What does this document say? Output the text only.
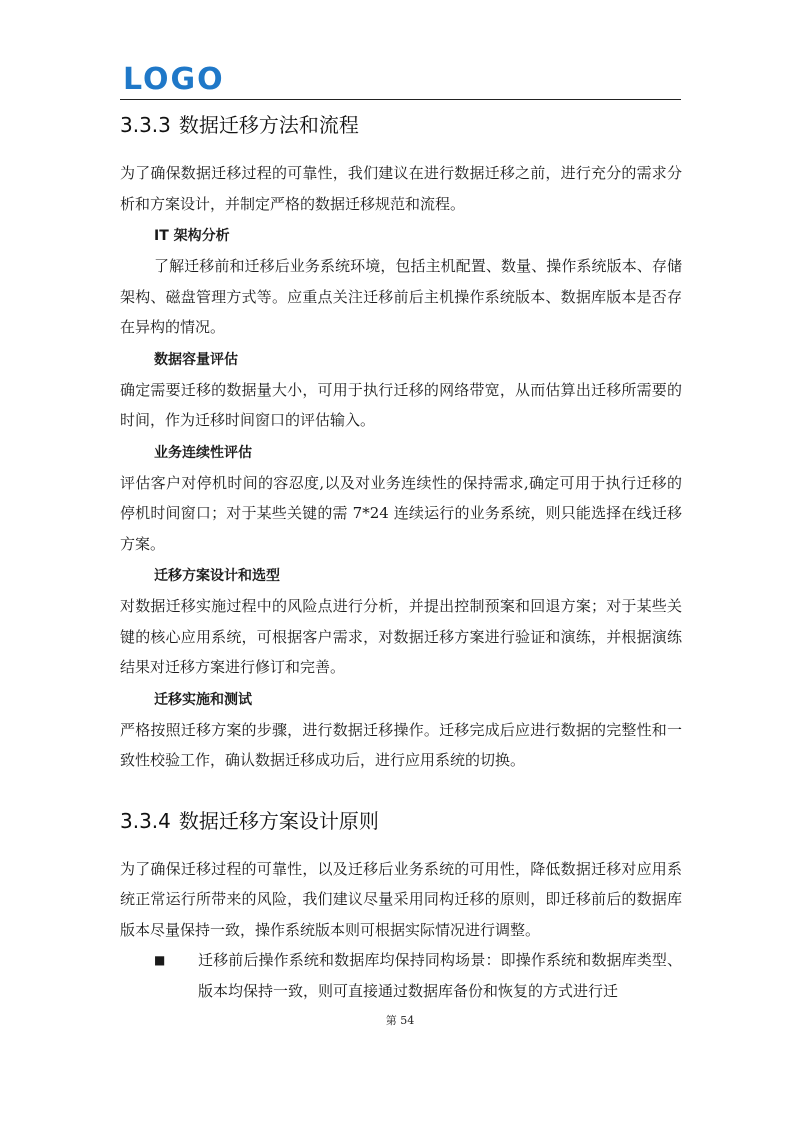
LOGO
3.3.3 数据迁移方法和流程

为了确保数据迁移过程的可靠性，我们建议在进行数据迁移之前，进行充分的需求分析和方案设计，并制定严格的数据迁移规范和流程。

IT 架构分析

了解迁移前和迁移后业务系统环境，包括主机配置、数量、操作系统版本、存储架构、磁盘管理方式等。应重点关注迁移前后主机操作系统版本、数据库版本是否存在异构的情况。

数据容量评估

确定需要迁移的数据量大小，可用于执行迁移的网络带宽，从而估算出迁移所需要的时间，作为迁移时间窗口的评估输入。

业务连续性评估

评估客户对停机时间的容忍度,以及对业务连续性的保持需求,确定可用于执行迁移的停机时间窗口；对于某些关键的需 7*24 连续运行的业务系统，则只能选择在线迁移方案。

迁移方案设计和选型

对数据迁移实施过程中的风险点进行分析，并提出控制预案和回退方案；对于某些关键的核心应用系统，可根据客户需求，对数据迁移方案进行验证和演练，并根据演练结果对迁移方案进行修订和完善。

迁移实施和测试

严格按照迁移方案的步骤，进行数据迁移操作。迁移完成后应进行数据的完整性和一致性校验工作，确认数据迁移成功后，进行应用系统的切换。

3.3.4 数据迁移方案设计原则

为了确保迁移过程的可靠性，以及迁移后业务系统的可用性，降低数据迁移对应用系统正常运行所带来的风险，我们建议尽量采用同构迁移的原则，即迁移前后的数据库版本尽量保持一致，操作系统版本则可根据实际情况进行调整。

■	迁移前后操作系统和数据库均保持同构场景：即操作系统和数据库类型、版本均保持一致，则可直接通过数据库备份和恢复的方式进行迁
第 54
